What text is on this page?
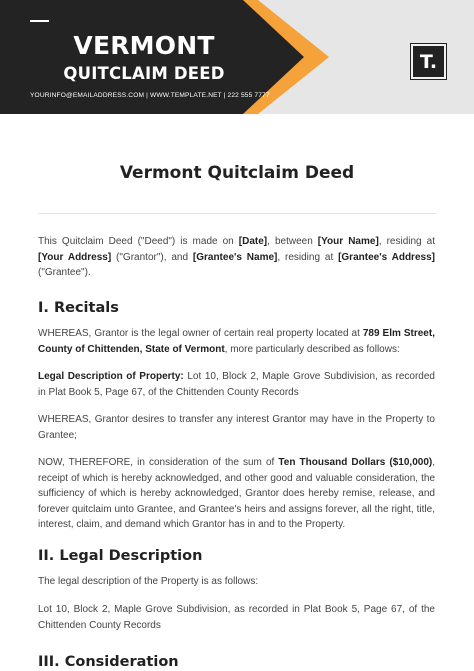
VERMONT
QUITCLAIM DEED
YOURINFO@EMAILADDRESS.COM | WWW.TEMPLATE.NET | 222 555 7777
T.
Vermont Quitclaim Deed
This Quitclaim Deed ("Deed") is made on [Date], between [Your Name], residing at [Your Address] ("Grantor"), and [Grantee's Name], residing at [Grantee's Address] ("Grantee").
I. Recitals
WHEREAS, Grantor is the legal owner of certain real property located at 789 Elm Street, County of Chittenden, State of Vermont, more particularly described as follows:
Legal Description of Property: Lot 10, Block 2, Maple Grove Subdivision, as recorded in Plat Book 5, Page 67, of the Chittenden County Records
WHEREAS, Grantor desires to transfer any interest Grantor may have in the Property to Grantee;
NOW, THEREFORE, in consideration of the sum of Ten Thousand Dollars ($10,000), receipt of which is hereby acknowledged, and other good and valuable consideration, the sufficiency of which is hereby acknowledged, Grantor does hereby remise, release, and forever quitclaim unto Grantee, and Grantee's heirs and assigns forever, all the right, title, interest, claim, and demand which Grantor has in and to the Property.
II. Legal Description
The legal description of the Property is as follows:
Lot 10, Block 2, Maple Grove Subdivision, as recorded in Plat Book 5, Page 67, of the Chittenden County Records
III. Consideration
